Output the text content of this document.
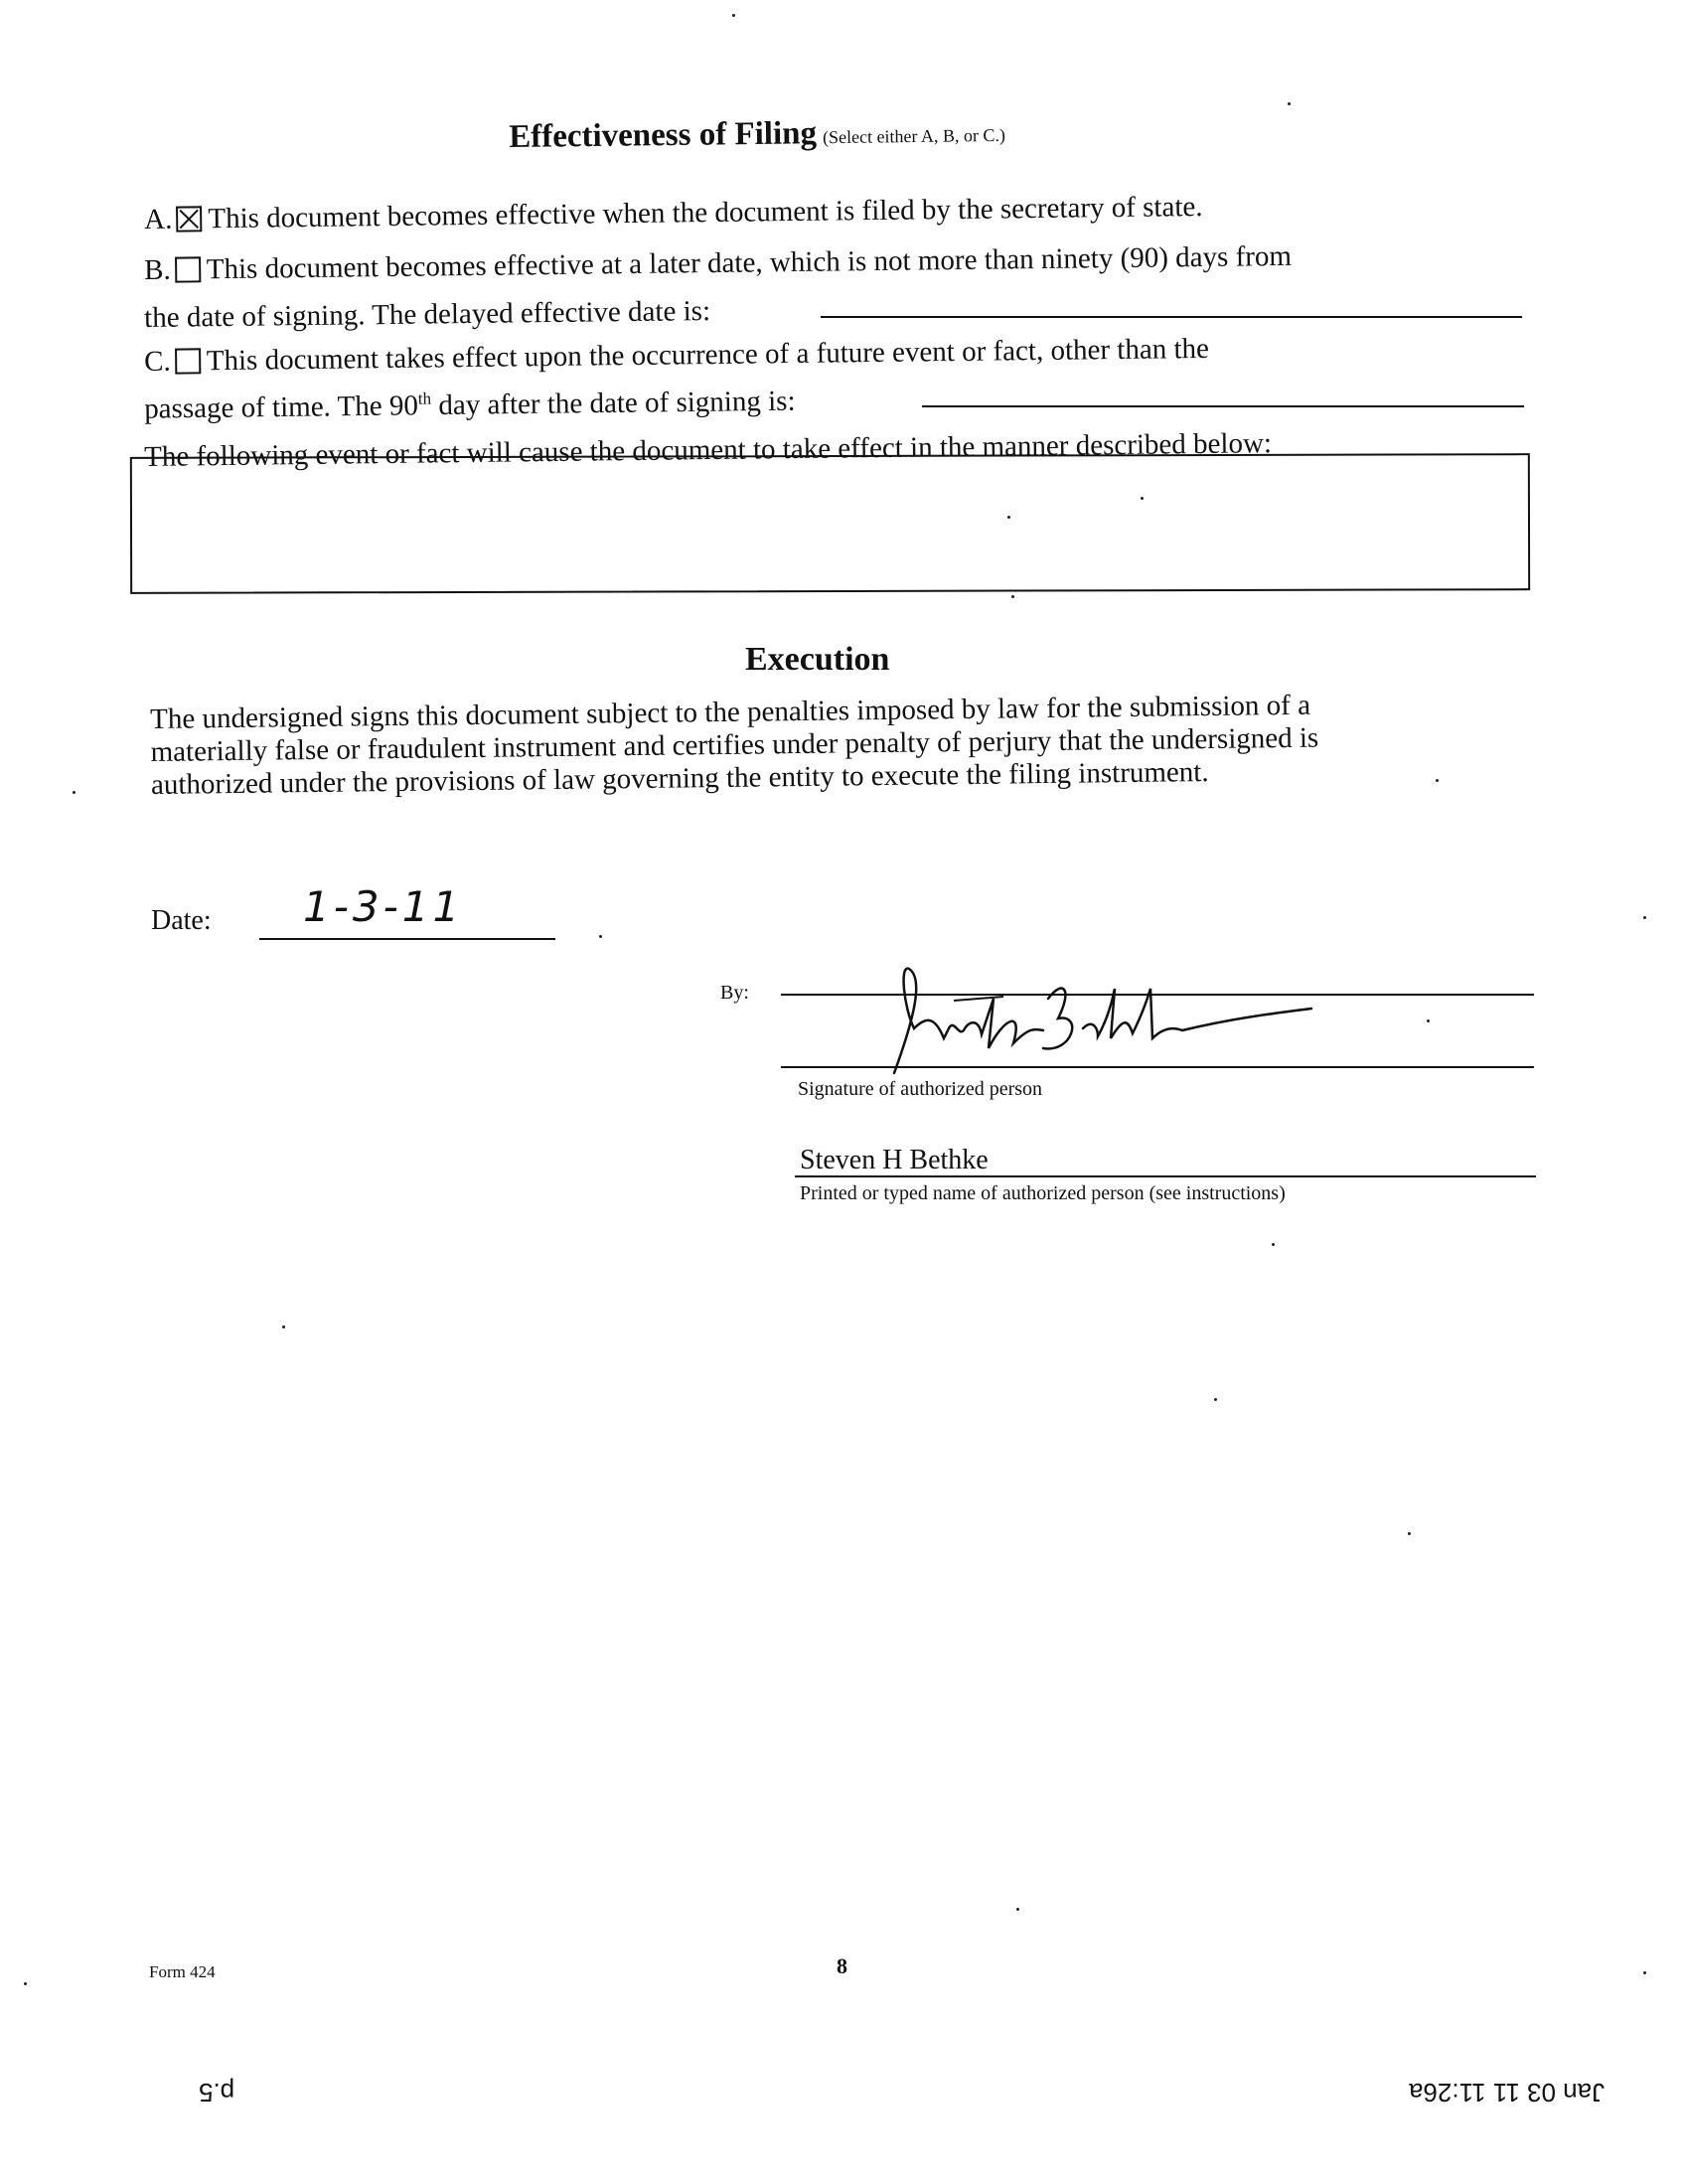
Effectiveness of Filing (Select either A, B, or C.)
A. This document becomes effective when the document is filed by the secretary of state.
B. This document becomes effective at a later date, which is not more than ninety (90) days from
the date of signing. The delayed effective date is:
C. This document takes effect upon the occurrence of a future event or fact, other than the
passage of time. The 90th day after the date of signing is:
The following event or fact will cause the document to take effect in the manner described below:
Execution
The undersigned signs this document subject to the penalties imposed by law for the submission of a
materially false or fraudulent instrument and certifies under penalty of perjury that the undersigned is
authorized under the provisions of law governing the entity to execute the filing instrument.
Date: 1-3-11
By:
Signature of authorized person
Steven H Bethke
Printed or typed name of authorized person (see instructions)
Form 424	8
p.5	Jan 03 11 11:26a
